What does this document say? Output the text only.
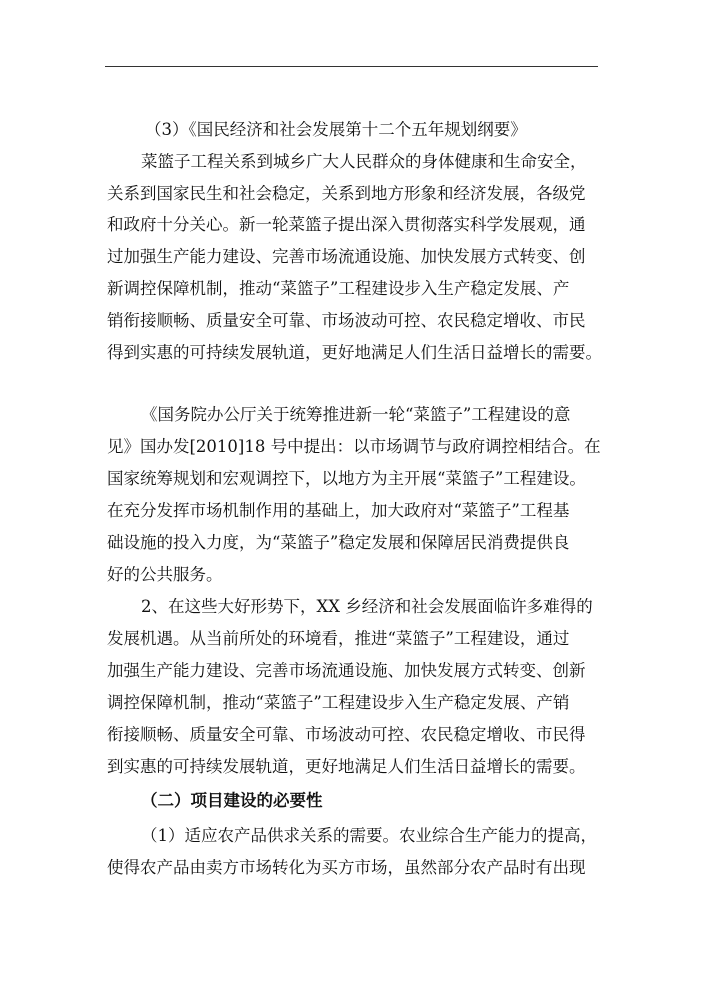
（3）《国民经济和社会发展第十二个五年规划纲要》
菜篮子工程关系到城乡广大人民群众的身体健康和生命安全，
关系到国家民生和社会稳定，关系到地方形象和经济发展，各级党
和政府十分关心。新一轮菜篮子提出深入贯彻落实科学发展观，通
过加强生产能力建设、完善市场流通设施、加快发展方式转变、创
新调控保障机制，推动“菜篮子”工程建设步入生产稳定发展、产
销衔接顺畅、质量安全可靠、市场波动可控、农民稳定增收、市民
得到实惠的可持续发展轨道，更好地满足人们生活日益增长的需要。
《国务院办公厅关于统筹推进新一轮“菜篮子”工程建设的意
见》国办发[2010]18 号中提出：以市场调节与政府调控相结合。在
国家统筹规划和宏观调控下，以地方为主开展“菜篮子”工程建设。
在充分发挥市场机制作用的基础上，加大政府对“菜篮子”工程基
础设施的投入力度，为“菜篮子”稳定发展和保障居民消费提供良
好的公共服务。
2、在这些大好形势下，XX 乡经济和社会发展面临许多难得的
发展机遇。从当前所处的环境看，推进“菜篮子”工程建设，通过
加强生产能力建设、完善市场流通设施、加快发展方式转变、创新
调控保障机制，推动“菜篮子”工程建设步入生产稳定发展、产销
衔接顺畅、质量安全可靠、市场波动可控、农民稳定增收、市民得
到实惠的可持续发展轨道，更好地满足人们生活日益增长的需要。
（二）项目建设的必要性
（1）适应农产品供求关系的需要。农业综合生产能力的提高，
使得农产品由卖方市场转化为买方市场，虽然部分农产品时有出现
